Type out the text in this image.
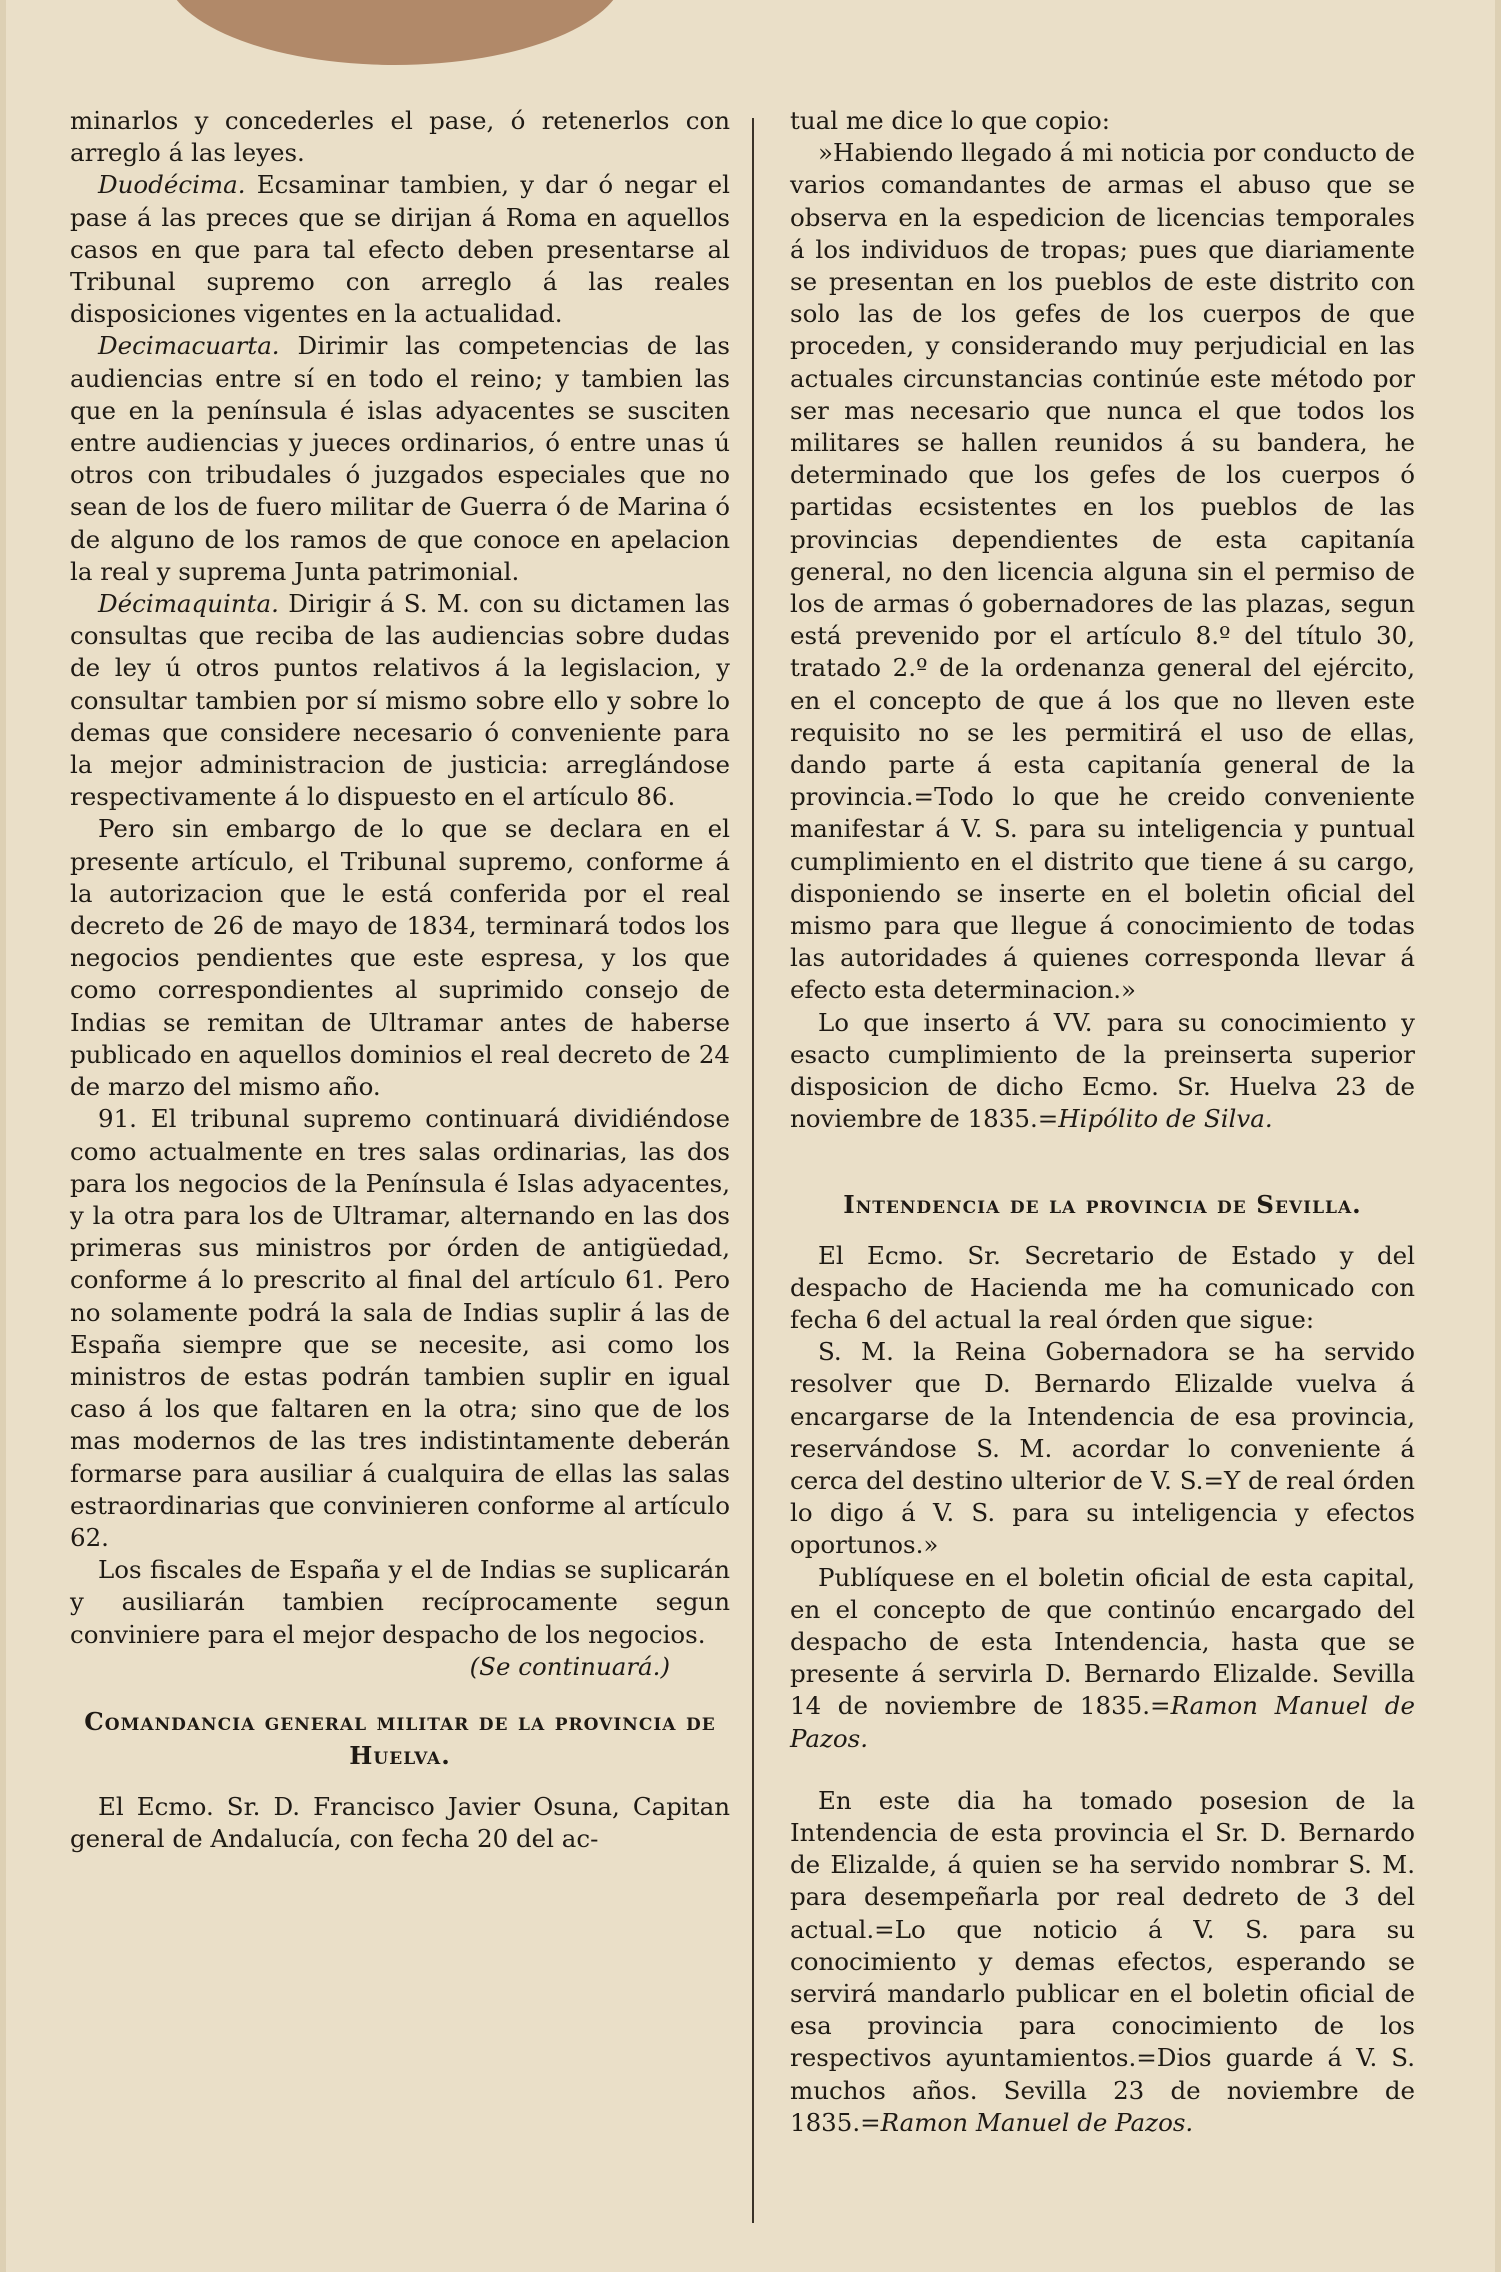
minarlos y concederles el pase, ó retenerlos con arreglo á las leyes.

Duodécima. Ecsaminar tambien, y dar ó negar el pase á las preces que se dirijan á Roma en aquellos casos en que para tal efecto deben presentarse al Tribunal supremo con arreglo á las reales disposiciones vigentes en la actualidad.

Decimacuarta. Dirimir las competencias de las audiencias entre sí en todo el reino; y tambien las que en la península é islas adyacentes se susciten entre audiencias y jueces ordinarios, ó entre unas ú otros con tribudales ó juzgados especiales que no sean de los de fuero militar de Guerra ó de Marina ó de alguno de los ramos de que conoce en apelacion la real y suprema Junta patrimonial.

Décimaquinta. Dirigir á S. M. con su dictamen las consultas que reciba de las audiencias sobre dudas de ley ú otros puntos relativos á la legislacion, y consultar tambien por sí mismo sobre ello y sobre lo demas que considere necesario ó conveniente para la mejor administracion de justicia: arreglándose respectivamente á lo dispuesto en el artículo 86.

Pero sin embargo de lo que se declara en el presente artículo, el Tribunal supremo, conforme á la autorizacion que le está conferida por el real decreto de 26 de mayo de 1834, terminará todos los negocios pendientes que este espresa, y los que como correspondientes al suprimido consejo de Indias se remitan de Ultramar antes de haberse publicado en aquellos dominios el real decreto de 24 de marzo del mismo año.

91. El tribunal supremo continuará dividiéndose como actualmente en tres salas ordinarias, las dos para los negocios de la Península é Islas adyacentes, y la otra para los de Ultramar, alternando en las dos primeras sus ministros por órden de antigüedad, conforme á lo prescrito al final del artículo 61. Pero no solamente podrá la sala de Indias suplir á las de España siempre que se necesite, asi como los ministros de estas podrán tambien suplir en igual caso á los que faltaren en la otra; sino que de los mas modernos de las tres indistintamente deberán formarse para ausiliar á cualquira de ellas las salas estraordinarias que convinieren conforme al artículo 62.

Los fiscales de España y el de Indias se suplicarán y ausiliarán tambien recíprocamente segun conviniere para el mejor despacho de los negocios.

(Se continuará.)

Comandancia general militar de la provincia de Huelva.

El Ecmo. Sr. D. Francisco Javier Osuna, Capitan general de Andalucía, con fecha 20 del ac-

tual me dice lo que copio:

»Habiendo llegado á mi noticia por conducto de varios comandantes de armas el abuso que se observa en la espedicion de licencias temporales á los individuos de tropas; pues que diariamente se presentan en los pueblos de este distrito con solo las de los gefes de los cuerpos de que proceden, y considerando muy perjudicial en las actuales circunstancias continúe este método por ser mas necesario que nunca el que todos los militares se hallen reunidos á su bandera, he determinado que los gefes de los cuerpos ó partidas ecsistentes en los pueblos de las provincias dependientes de esta capitanía general, no den licencia alguna sin el permiso de los de armas ó gobernadores de las plazas, segun está prevenido por el artículo 8.º del título 30, tratado 2.º de la ordenanza general del ejército, en el concepto de que á los que no lleven este requisito no se les permitirá el uso de ellas, dando parte á esta capitanía general de la provincia.=Todo lo que he creido conveniente manifestar á V. S. para su inteligencia y puntual cumplimiento en el distrito que tiene á su cargo, disponiendo se inserte en el boletin oficial del mismo para que llegue á conocimiento de todas las autoridades á quienes corresponda llevar á efecto esta determinacion.»

Lo que inserto á VV. para su conocimiento y esacto cumplimiento de la preinserta superior disposicion de dicho Ecmo. Sr. Huelva 23 de noviembre de 1835.=Hipólito de Silva.

Intendencia de la provincia de Sevilla.

El Ecmo. Sr. Secretario de Estado y del despacho de Hacienda me ha comunicado con fecha 6 del actual la real órden que sigue:

S. M. la Reina Gobernadora se ha servido resolver que D. Bernardo Elizalde vuelva á encargarse de la Intendencia de esa provincia, reservándose S. M. acordar lo conveniente á cerca del destino ulterior de V. S.=Y de real órden lo digo á V. S. para su inteligencia y efectos oportunos.»

Publíquese en el boletin oficial de esta capital, en el concepto de que continúo encargado del despacho de esta Intendencia, hasta que se presente á servirla D. Bernardo Elizalde. Sevilla 14 de noviembre de 1835.=Ramon Manuel de Pazos.

En este dia ha tomado posesion de la Intendencia de esta provincia el Sr. D. Bernardo de Elizalde, á quien se ha servido nombrar S. M. para desempeñarla por real dedreto de 3 del actual.=Lo que noticio á V. S. para su conocimiento y demas efectos, esperando se servirá mandarlo publicar en el boletin oficial de esa provincia para conocimiento de los respectivos ayuntamientos.=Dios guarde á V. S. muchos años. Sevilla 23 de noviembre de 1835.=Ramon Manuel de Pazos.
